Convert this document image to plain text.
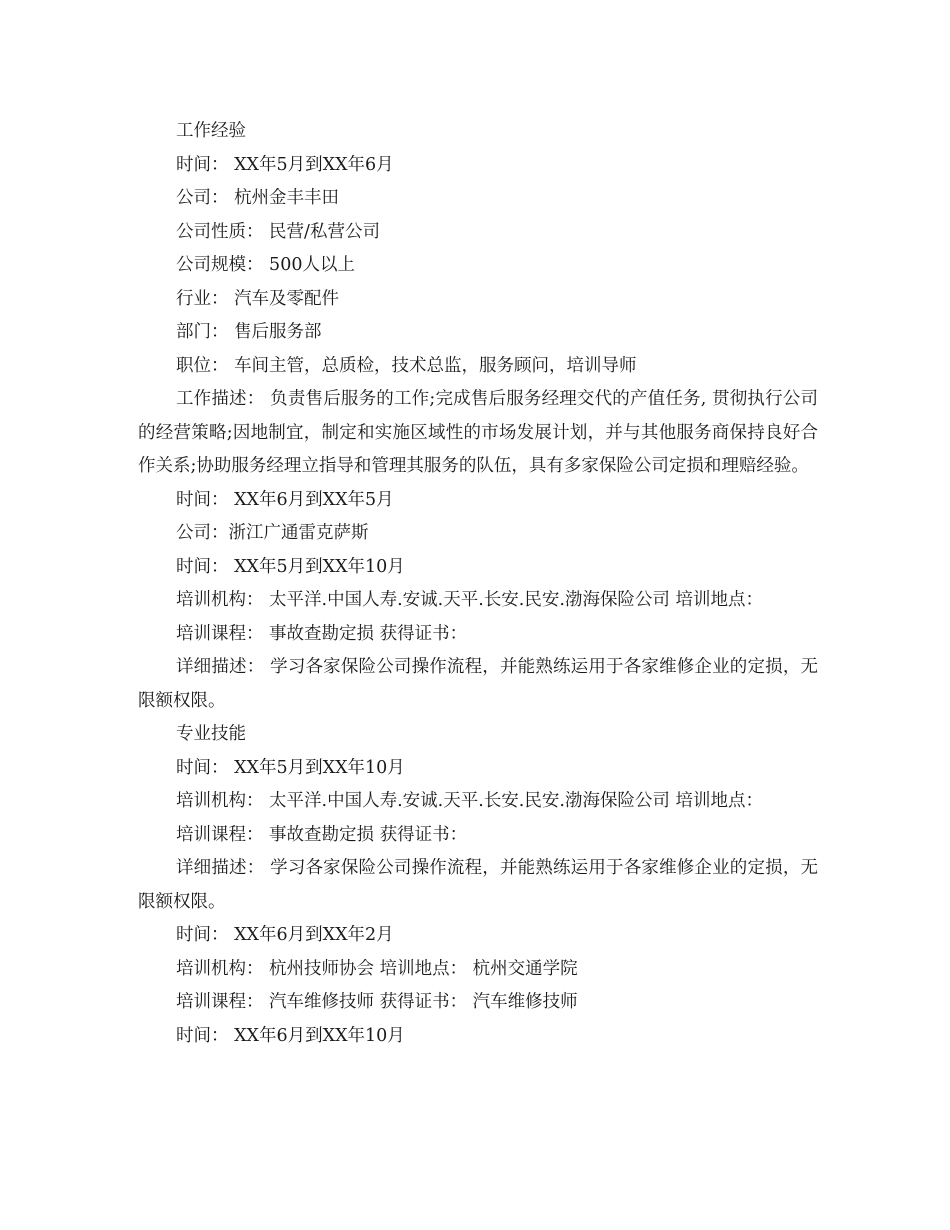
工作经验
时间： XX年5月到XX年6月
公司： 杭州金丰丰田
公司性质： 民营/私营公司
公司规模： 500人以上
行业： 汽车及零配件
部门： 售后服务部
职位： 车间主管，总质检，技术总监，服务顾问，培训导师
工作描述： 负责售后服务的工作;完成售后服务经理交代的产值任务, 贯彻执行公司的经营策略;因地制宜，制定和实施区域性的市场发展计划，并与其他服务商保持良好合作关系;协助服务经理立指导和管理其服务的队伍，具有多家保险公司定损和理赔经验。
时间： XX年6月到XX年5月
公司：浙江广通雷克萨斯
时间： XX年5月到XX年10月
培训机构： 太平洋.中国人寿.安诚.天平.长安.民安.渤海保险公司 培训地点：
培训课程： 事故查勘定损 获得证书：
详细描述： 学习各家保险公司操作流程，并能熟练运用于各家维修企业的定损，无限额权限。
专业技能
时间： XX年5月到XX年10月
培训机构： 太平洋.中国人寿.安诚.天平.长安.民安.渤海保险公司 培训地点：
培训课程： 事故查勘定损 获得证书：
详细描述： 学习各家保险公司操作流程，并能熟练运用于各家维修企业的定损，无限额权限。
时间： XX年6月到XX年2月
培训机构： 杭州技师协会 培训地点： 杭州交通学院
培训课程： 汽车维修技师 获得证书： 汽车维修技师
时间： XX年6月到XX年10月
